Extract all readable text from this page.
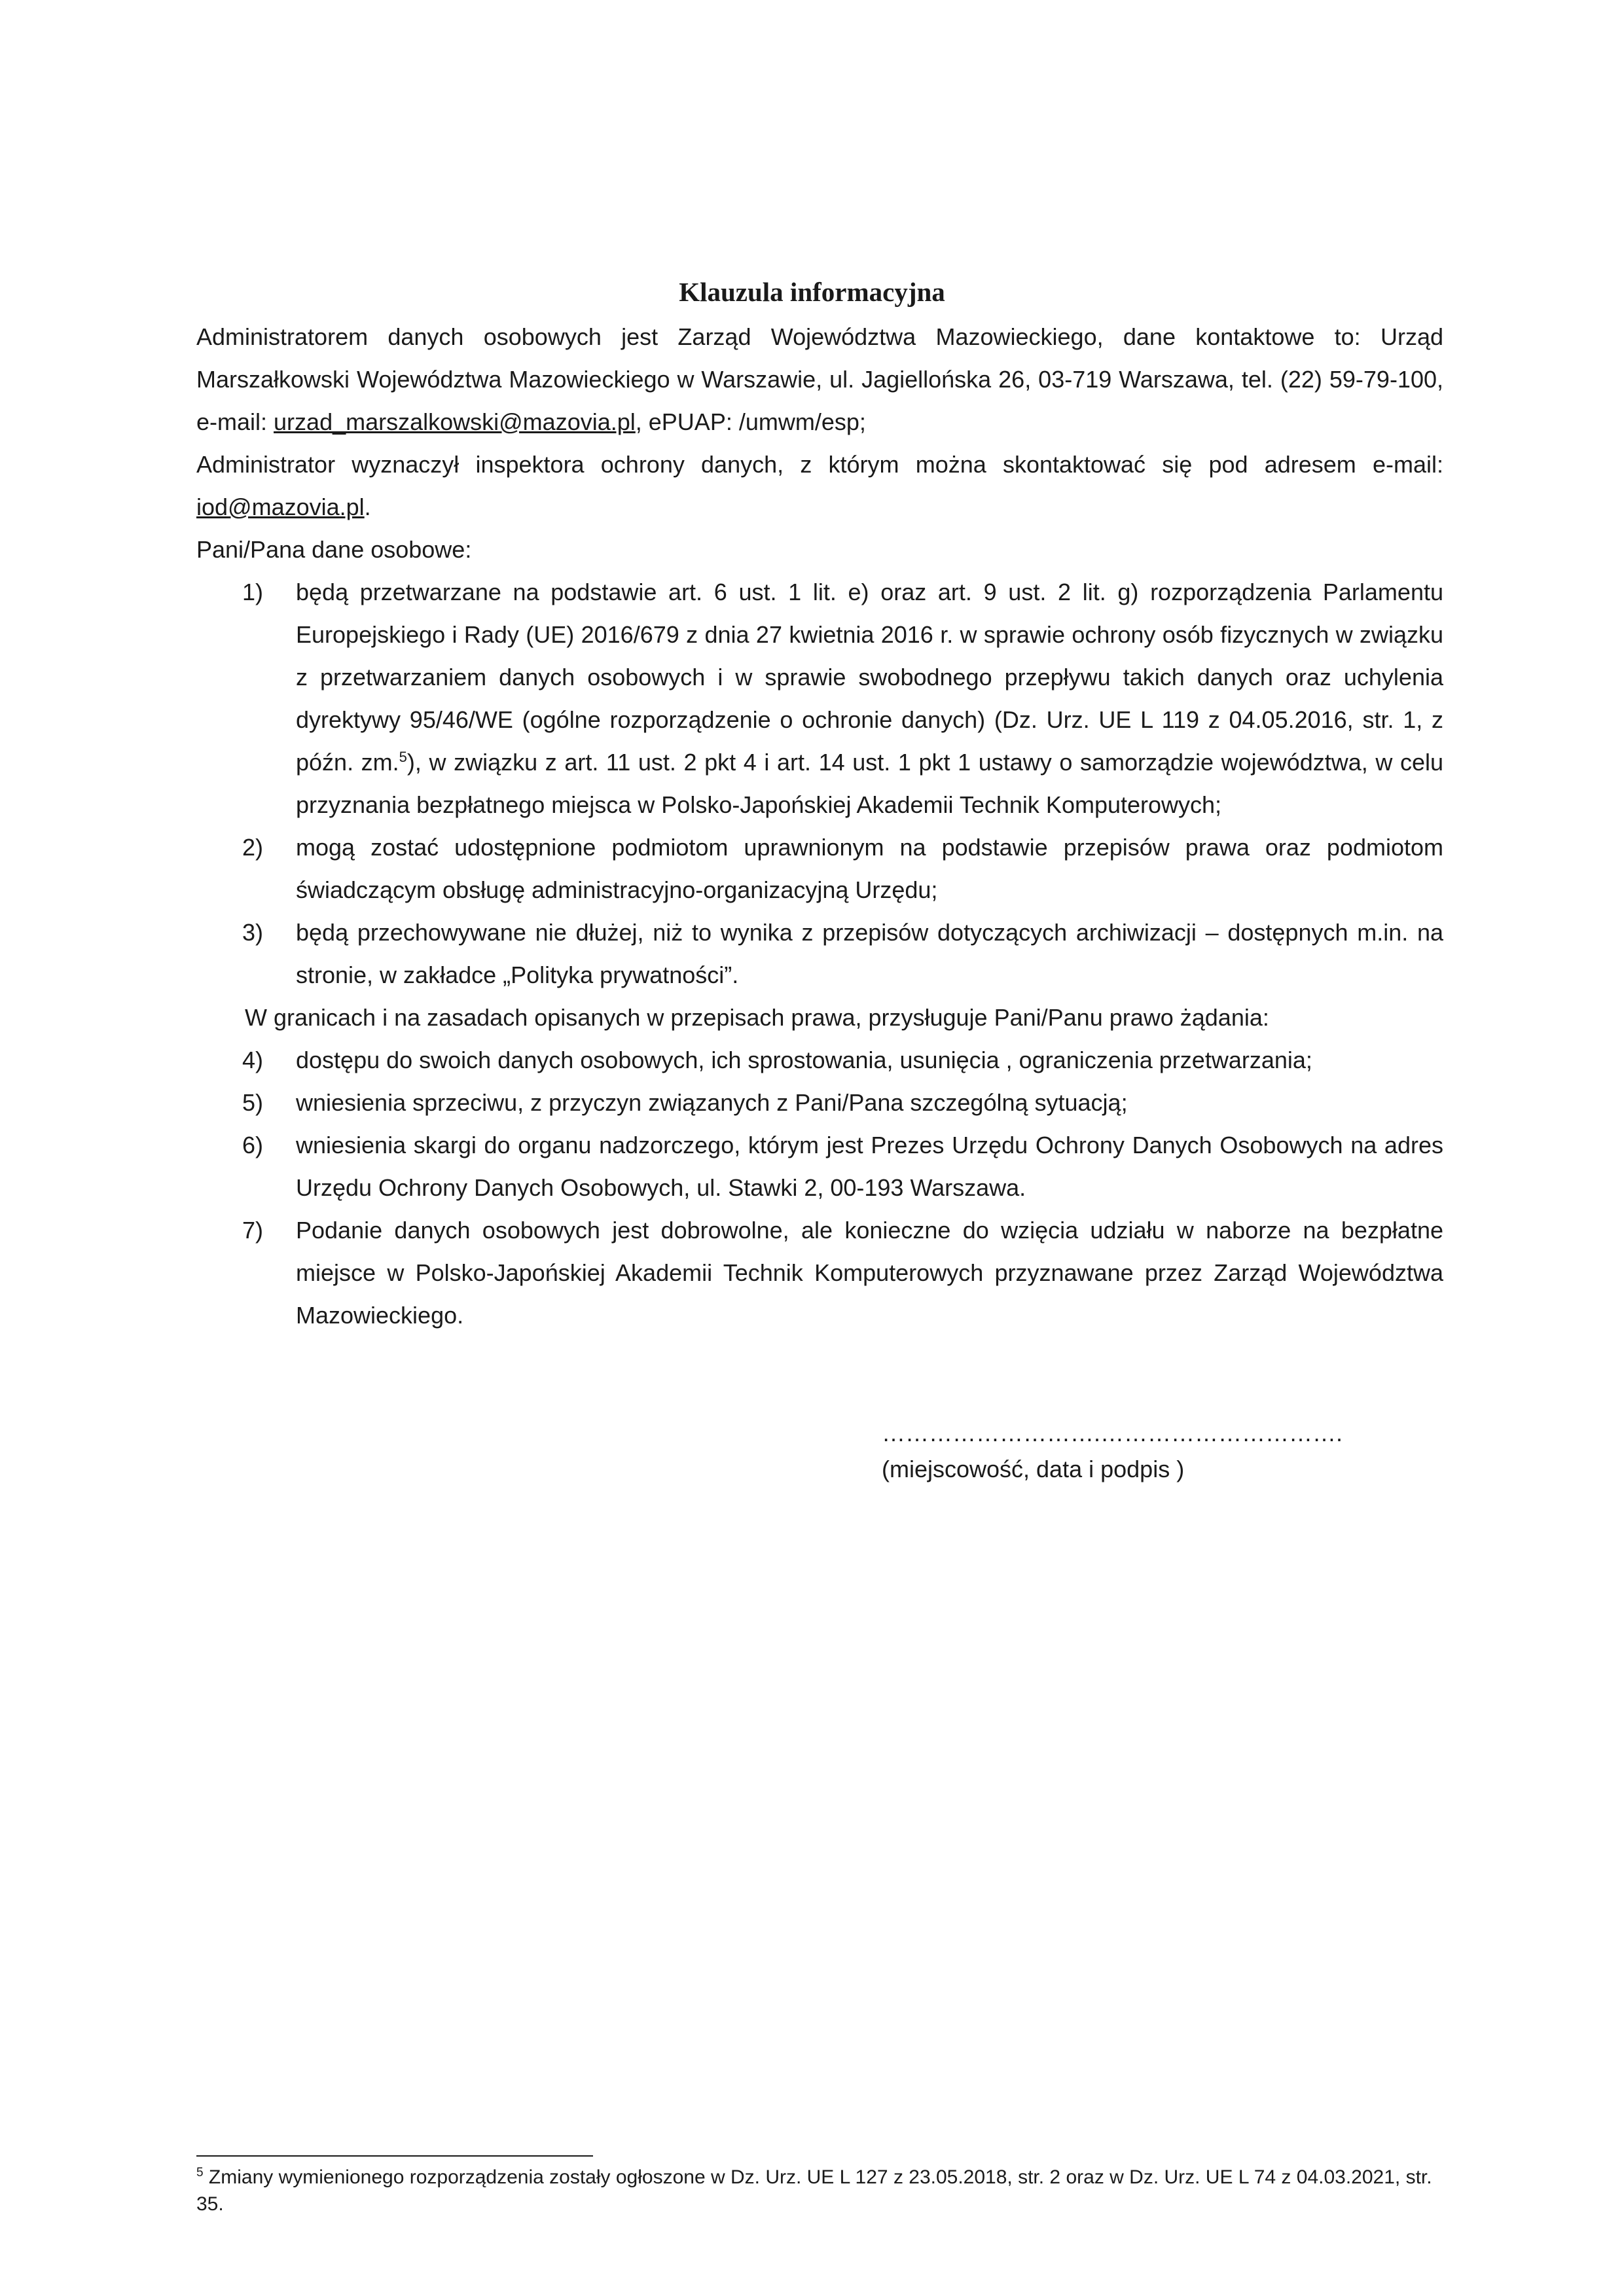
Klauzula informacyjna

Administratorem danych osobowych jest Zarząd Województwa Mazowieckiego, dane kontaktowe to: Urząd Marszałkowski Województwa Mazowieckiego w Warszawie, ul. Jagiellońska 26, 03-719 Warszawa, tel. (22) 59-79-100, e-mail: urzad_marszalkowski@mazovia.pl, ePUAP: /umwm/esp;

Administrator wyznaczył inspektora ochrony danych, z którym można skontaktować się pod adresem e-mail: iod@mazovia.pl.

Pani/Pana dane osobowe:

1) będą przetwarzane na podstawie art. 6 ust. 1 lit. e) oraz art. 9 ust. 2 lit. g) rozporządzenia Parlamentu Europejskiego i Rady (UE) 2016/679 z dnia 27 kwietnia 2016 r. w sprawie ochrony osób fizycznych w związku z przetwarzaniem danych osobowych i w sprawie swobodnego przepływu takich danych oraz uchylenia dyrektywy 95/46/WE (ogólne rozporządzenie o ochronie danych) (Dz. Urz. UE L 119 z 04.05.2016, str. 1, z późn. zm.$^5$), w związku z art. 11 ust. 2 pkt 4 i art. 14 ust. 1 pkt 1 ustawy o samorządzie województwa, w celu przyznania bezpłatnego miejsca w Polsko-Japońskiej Akademii Technik Komputerowych;
2) mogą zostać udostępnione podmiotom uprawnionym na podstawie przepisów prawa oraz podmiotom świadczącym obsługę administracyjno-organizacyjną Urzędu;
3) będą przechowywane nie dłużej, niż to wynika z przepisów dotyczących archiwizacji – dostępnych m.in. na stronie, w zakładce „Polityka prywatności”.

W granicach i na zasadach opisanych w przepisach prawa, przysługuje Pani/Panu prawo żądania:

4) dostępu do swoich danych osobowych, ich sprostowania, usunięcia , ograniczenia przetwarzania;
5) wniesienia sprzeciwu, z przyczyn związanych z Pani/Pana szczególną sytuacją;
6) wniesienia skargi do organu nadzorczego, którym jest Prezes Urzędu Ochrony Danych Osobowych na adres Urzędu Ochrony Danych Osobowych, ul. Stawki 2, 00-193 Warszawa.
7) Podanie danych osobowych jest dobrowolne, ale konieczne do wzięcia udziału w naborze na bezpłatne miejsce w Polsko-Japońskiej Akademii Technik Komputerowych przyznawane przez Zarząd Województwa Mazowieckiego.
……………………….………………………….
(miejscowość, data i podpis )
$^5$ Zmiany wymienionego rozporządzenia zostały ogłoszone w Dz. Urz. UE L 127 z 23.05.2018, str. 2 oraz w Dz. Urz. UE L 74 z 04.03.2021, str. 35.
